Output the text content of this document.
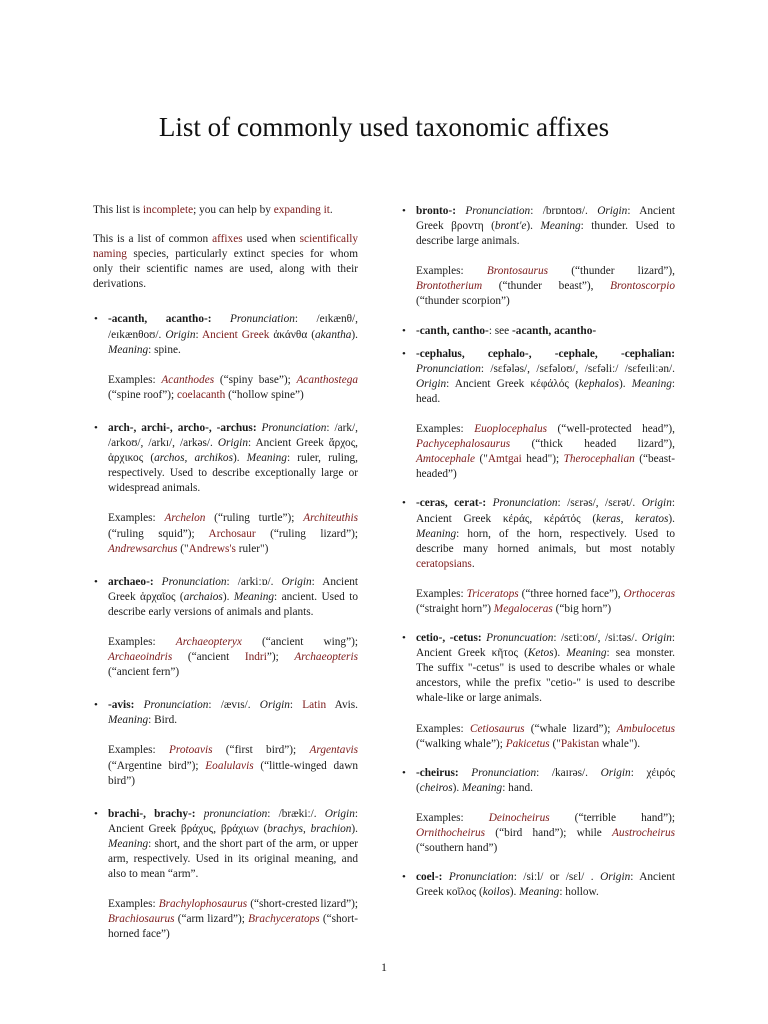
List of commonly used taxonomic affixes

This list is incomplete; you can help by expanding it.

This is a list of common affixes used when scientifically naming species, particularly extinct species for whom only their scientific names are used, along with their derivations.

• -acanth, acantho-: Pronunciation: /eɪkænθ/, /eɪkænθoʊ/. Origin: Ancient Greek ἀκάνθα (akantha). Meaning: spine.
Examples: Acanthodes (“spiny base”); Acanthostega (“spine roof”); coelacanth (“hollow spine”)
• arch-, archi-, archo-, -archus: Pronunciation: /ark/, /arkoʊ/, /arkɪ/, /arkəs/. Origin: Ancient Greek ἄρχος, ἀρχικος (archos, archikos). Meaning: ruler, ruling, respectively. Used to describe exceptionally large or widespread animals.
Examples: Archelon (“ruling turtle”); Architeuthis (“ruling squid”); Archosaur (“ruling lizard”); Andrewsarchus ("Andrews's ruler")
• archaeo-: Pronunciation: /arkiːɒ/. Origin: Ancient Greek ἀρχαῖος (archaios). Meaning: ancient. Used to describe early versions of animals and plants.
Examples: Archaeopteryx (“ancient wing”); Archaeoindris (“ancient Indri”); Archaeopteris (“ancient fern”)
• -avis: Pronunciation: /ævɪs/. Origin: Latin Avis. Meaning: Bird.
Examples: Protoavis (“first bird”); Argentavis (“Argentine bird”); Eoalulavis (“little-winged dawn bird”)
• brachi-, brachy-: pronunciation: /brækiː/. Origin: Ancient Greek βράχυς, βράχιων (brachys, brachion). Meaning: short, and the short part of the arm, or upper arm, respectively. Used in its original meaning, and also to mean “arm”.
Examples: Brachylophosaurus (“short-crested lizard”); Brachiosaurus (“arm lizard”); Brachyceratops (“short-horned face”)
• bronto-: Pronunciation: /brɒntoʊ/. Origin: Ancient Greek βροντη (bront'e). Meaning: thunder. Used to describe large animals.
Examples: Brontosaurus (“thunder lizard”), Brontotherium (“thunder beast”), Brontoscorpio (“thunder scorpion”)
• -canth, cantho-: see -acanth, acantho-
• -cephalus, cephalo-, -cephale, -cephalian: Pronunciation: /sɛfələs/, /sɛfəloʊ/, /sɛfəliː/ /sɛfeɪliːən/. Origin: Ancient Greek κέφάλός (kephalos). Meaning: head.
Examples: Euoplocephalus (“well-protected head”), Pachycephalosaurus (“thick headed lizard”), Amtocephale ("Amtgai head"); Therocephalian (“beast-headed”)
• -ceras, cerat-: Pronunciation: /sɛrəs/, /sɛrət/. Origin: Ancient Greek κέράς, κέράτός (keras, keratos). Meaning: horn, of the horn, respectively. Used to describe many horned animals, but most notably ceratopsians.
Examples: Triceratops (“three horned face”), Orthoceras (“straight horn”) Megaloceras (“big horn”)
• cetio-, -cetus: Pronuncuation: /sɛtiːoʊ/, /siːtəs/. Origin: Ancient Greek κῆτος (Ketos). Meaning: sea monster. The suffix "-cetus" is used to describe whales or whale ancestors, while the prefix "cetio-" is used to describe whale-like or large animals.
Examples: Cetiosaurus (“whale lizard”); Ambulocetus (“walking whale”); Pakicetus ("Pakistan whale").
• -cheirus: Pronunciation: /kaɪrəs/. Origin: χέιρός (cheiros). Meaning: hand.
Examples: Deinocheirus (“terrible hand”); Ornithocheirus (“bird hand”); while Austrocheirus (“southern hand”)
• coel-: Pronunciation: /siːl/ or /sɛl/ . Origin: Ancient Greek κοῖλος (koilos). Meaning: hollow.
1
